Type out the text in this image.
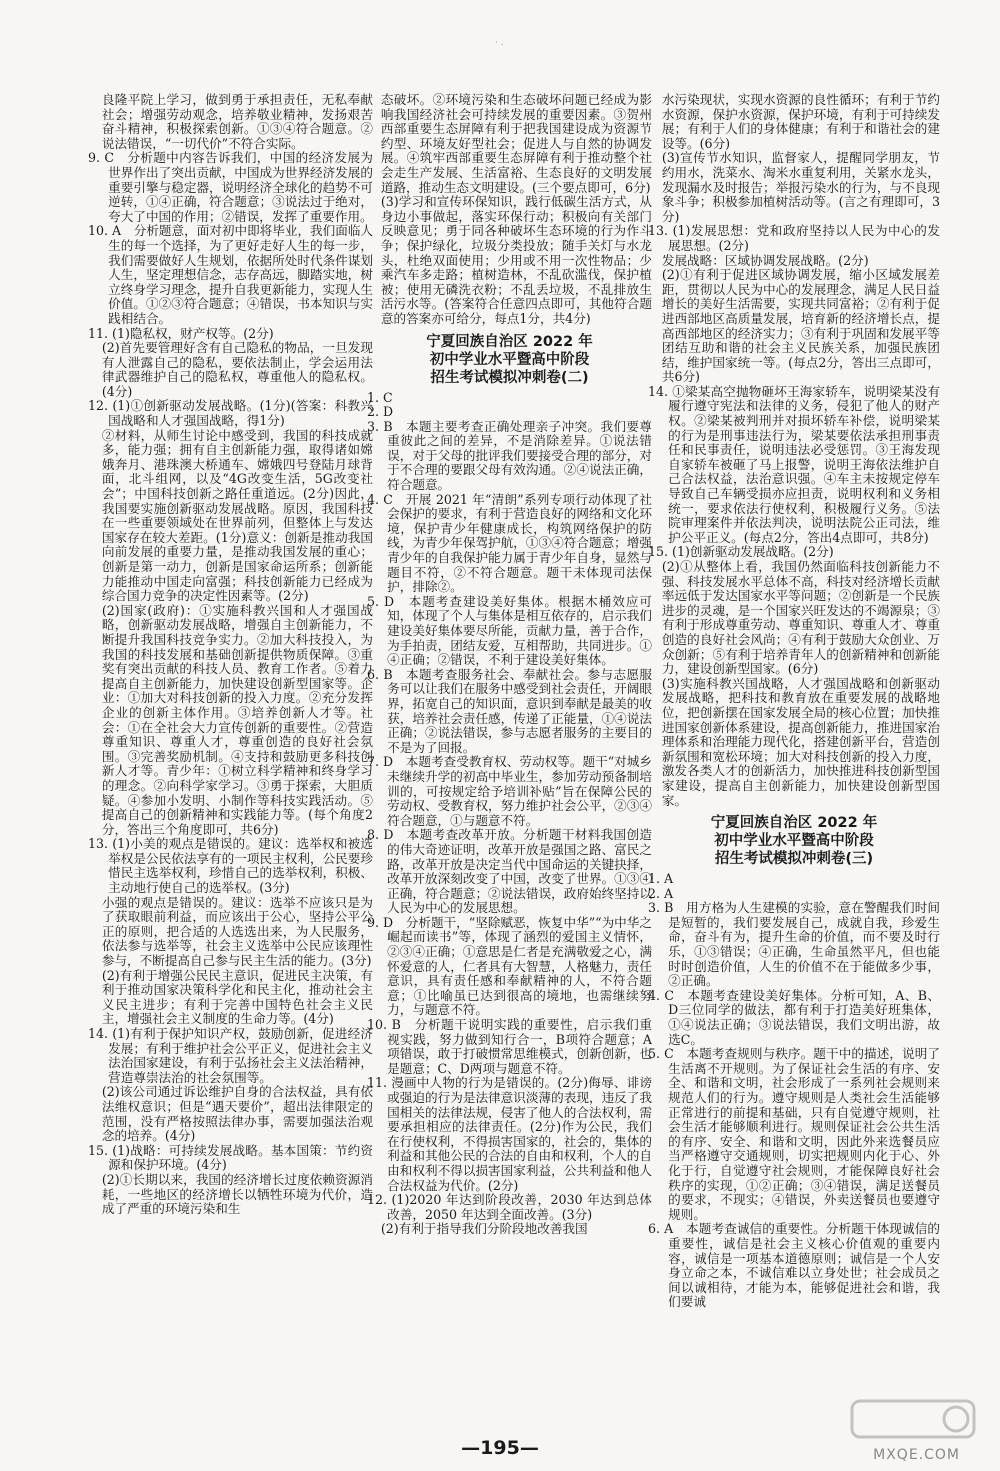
· .

良隆平院上学习，做到勇于承担责任，无私奉献社会；增强劳动观念，培养敬业精神，发扬艰苦奋斗精神，积极探索创新。①③④符合题意。②说法错误，“一切代价”不符合实际。

9. C　分析题中内容告诉我们，中国的经济发展为世界作出了突出贡献，中国成为世界经济发展的重要引擎与稳定器，说明经济全球化的趋势不可逆转，①④正确，符合题意；③说法过于绝对，夸大了中国的作用；②错误，发挥了重要作用。

10. A　分析题意，面对初中即将毕业，我们面临人生的每一个选择，为了更好走好人生的每一步，我们需要做好人生规划，依据所处时代条件谋划人生，坚定理想信念，志存高远，脚踏实地，树立终身学习理念，提升自我更新能力，实现人生价值。①②③符合题意；④错误，书本知识与实践相结合。

11. (1)隐私权，财产权等。(2分)

(2)首先要管理好含有自己隐私的物品，一旦发现有人泄露自己的隐私，要依法制止，学会运用法律武器维护自己的隐私权，尊重他人的隐私权。(4分)

12. (1)①创新驱动发展战略。(1分)(答案：科教兴国战略和人才强国战略，得1分)

②材料，从师生讨论中感受到，我国的科技成就多，能力强；拥有自主创新能力强，取得诸如嫦娥奔月、港珠澳大桥通车、嫦娥四号登陆月球背面，北斗组网，以及“4G改变生活，5G改变社会”；中国科技创新之路任重道远。(2分)因此，我国要实施创新驱动发展战略。原因，我国科技在一些重要领域处在世界前列，但整体上与发达国家存在较大差距。(1分)意义：创新是推动我国向前发展的重要力量，是推动我国发展的重心；创新是第一动力，创新是国家命运所系；创新能力能推动中国走向富强；科技创新能力已经成为综合国力竞争的决定性因素等。(2分)

(2)国家(政府)：①实施科教兴国和人才强国战略，创新驱动发展战略，增强自主创新能力，不断提升我国科技竞争实力。②加大科技投入，为我国的科技发展和基础创新提供物质保障。③重奖有突出贡献的科技人员、教育工作者。⑤着力提高自主创新能力，加快建设创新型国家等。企业：①加大对科技创新的投入力度。②充分发挥企业的创新主体作用。③培养创新人才等。社会：①在全社会大力宣传创新的重要性。②营造尊重知识、尊重人才，尊重创造的良好社会氛围。③完善奖励机制。④支持和鼓励更多科技创新人才等。青少年：①树立科学精神和终身学习的理念。②向科学家学习。③勇于探索，大胆质疑。④参加小发明、小制作等科技实践活动。⑤提高自己的创新精神和实践能力等。(每个角度2分，答出三个角度即可，共6分)

13. (1)小美的观点是错误的。建议：选举权和被选举权是公民依法享有的一项民主权利，公民要珍惜民主选举权利，珍惜自己的选举权利，积极、主动地行使自己的选举权。(3分)

小强的观点是错误的。建议：选举不应该只是为了获取眼前利益，而应该出于公心，坚持公平公正的原则，把合适的人选选出来，为人民服务，依法参与选举等，社会主义选举中公民应该理性参与，不断提高自己参与民主生活的能力。(3分)

(2)有利于增强公民民主意识，促进民主决策，有利于推动国家决策科学化和民主化，推动社会主义民主进步；有利于完善中国特色社会主义民主，增强社会主义制度的生命力等。(4分)

14. (1)有利于保护知识产权，鼓励创新，促进经济发展；有利于维护社会公平正义，促进社会主义法治国家建设，有利于弘扬社会主义法治精神，营造尊崇法治的社会氛围等。

(2)该公司通过诉讼维护自身的合法权益，具有依法维权意识；但是“遇天要价”，超出法律限定的范围，没有严格按照法律办事，需要加强法治观念的培养。(4分)

15. (1)战略：可持续发展战略。基本国策：节约资源和保护环境。(4分)

(2)①长期以来，我国的经济增长过度依赖资源消耗，一些地区的经济增长以牺牲环境为代价，造成了严重的环境污染和生

态破坏。②环境污染和生态破坏问题已经成为影响我国经济社会可持续发展的重要因素。③贺州西部重要生态屏障有利于把我国建设成为资源节约型、环境友好型社会；促进人与自然的协调发展。④筑牢西部重要生态屏障有利于推动整个社会走生产发展、生活富裕、生态良好的文明发展道路，推动生态文明建设。(三个要点即可，6分)

(3)学习和宣传环保知识，践行低碳生活方式，从身边小事做起，落实环保行动；积极向有关部门反映意见；勇于同各种破坏生态环境的行为作斗争；保护绿化，垃圾分类投放；随手关灯与水龙头，杜绝双面使用；少用或不用一次性物品；少乘汽车多走路；植树造林，不乱砍滥伐，保护植被；使用无磷洗衣粉；不乱丢垃圾，不乱排放生活污水等。(答案符合任意四点即可，其他符合题意的答案亦可给分，每点1分，共4分)

宁夏回族自治区 2022 年
初中学业水平暨高中阶段
招生考试模拟冲刺卷(二)

1. C

2. D

3. B　本题主要考查正确处理亲子冲突。我们要尊重彼此之间的差异，不是消除差异。①说法错误，对于父母的批评我们要接受合理的部分，对于不合理的要跟父母有效沟通。②④说法正确，符合题意。

4. C　开展 2021 年“清朗”系列专项行动体现了社会保护的要求，有利于营造良好的网络和文化环境，保护青少年健康成长，构筑网络保护的防线，为青少年保驾护航，①③④符合题意；增强青少年的自我保护能力属于青少年自身，显然与题目不符，②不符合题意。题干未体现司法保护，排除②。

5. D　本题考查建设美好集体。根据木桶效应可知，体现了个人与集体是相互依存的，启示我们建设美好集体要尽所能，贡献力量，善于合作，为手拍责，团结友爱，互相帮助，共同进步。①④正确；②错误，不利于建设美好集体。

6. B　本题考查服务社会、奉献社会。参与志愿服务可以让我们在服务中感受到社会责任，开阔眼界，拓宽自己的知识面，意识到奉献是最美的收获，培养社会责任感，传递了正能量，①④说法正确；②说法错误，参与志愿者服务的主要目的不是为了回报。

7. D　本题考查受教育权、劳动权等。题干“对城乡未继续升学的初高中毕业生，参加劳动预备制培训的，可按规定给予培训补贴”旨在保障公民的劳动权、受教育权，努力维护社会公平，②③④符合题意，①与题意不符。

8. D　本题考查改革开放。分析题干材料我国创造的伟大奇迹证明，改革开放是强国之路、富民之路，改革开放是决定当代中国命运的关键抉择，改革开放深刻改变了中国，改变了世界。①③④正确，符合题意；②说法错误，政府始终坚持以人民为中心的发展思想。

9. D　分析题干，“坚除赋恶，恢复中华”“为中华之崛起而读书”等，体现了涵烈的爱国主义情怀，②③④正确；①意思是仁者是充满敬爱之心，满怀爱意的人，仁者具有大智慧，人格魅力，责任意识，具有责任感和奉献精神的人，不符合题意；①比喻虽已达到很高的境地，也需继续努力，与题意不符。

10. B　分析题干说明实践的重要性，启示我们重视实践，努力做到知行合一，B项符合题意；A项错误，敢于打破惯常思维模式，创新创新，也是题意；C、D两项与题意不符。

11. 漫画中人物的行为是错误的。(2分)侮辱、诽谤或强迫的行为是法律意识淡薄的表现，违反了我国相关的法律法规，侵害了他人的合法权利，需要承担相应的法律责任。(2分)作为公民，我们在行使权利，不得损害国家的，社会的，集体的利益和其他公民的合法的自由和权利，个人的自由和权利不得以损害国家利益，公共利益和他人合法权益为代价。(2分)

12. (1)2020 年达到阶段改善，2030 年达到总体改善，2050 年达到全面改善。(3分)

(2)有利于指导我们分阶段地改善我国

水污染现状，实现水资源的良性循环；有利于节约水资源，保护水资源，保护环境，有利于可持续发展；有利于人们的身体健康；有利于和谐社会的建设等。(6分)

(3)宣传节水知识，监督家人，提醒同学朋友，节约用水，洗菜水、淘米水重复利用，关紧水龙头，发现漏水及时报告；举报污染水的行为，与不良现象斗争；积极参加植树活动等。(言之有理即可，3分)

13. (1)发展思想：党和政府坚持以人民为中心的发展思想。(2分)

发展战略：区域协调发展战略。(2分)

(2)①有利于促进区域协调发展，缩小区域发展差距，贯彻以人民为中心的发展理念，满足人民日益增长的美好生活需要，实现共同富裕；②有利于促进西部地区高质量发展，培育新的经济增长点，提高西部地区的经济实力；③有利于巩固和发展平等团结互助和谐的社会主义民族关系，加强民族团结，维护国家统一等。(每点2分，答出三点即可，共6分)

14. ①梁某高空抛物砸坏王海家轿车，说明梁某没有履行遵守宪法和法律的义务，侵犯了他人的财产权。②梁某被判刑并对损坏轿车补偿，说明梁某的行为是刑事违法行为，梁某要依法承担刑事责任和民事责任，说明违法必受惩罚。③王海发现自家轿车被砸了马上报警，说明王海依法维护自己合法权益，法治意识强。④车主未按规定停车导致自己车辆受损亦应担责，说明权利和义务相统一，要求依法行使权利，积极履行义务。⑤法院审理案件并依法判决，说明法院公正司法，维护公平正义。(每点2分，答出4点即可，共8分)

15. (1)创新驱动发展战略。(2分)

(2)①从整体上看，我国仍然面临科技创新能力不强、科技发展水平总体不高，科技对经济增长贡献率远低于发达国家水平等问题；②创新是一个民族进步的灵魂，是一个国家兴旺发达的不竭源泉；③有利于形成尊重劳动、尊重知识、尊重人才、尊重创造的良好社会风尚；④有利于鼓励大众创业、万众创新；⑤有利于培养青年人的创新精神和创新能力，建设创新型国家。(6分)

(3)实施科教兴国战略，人才强国战略和创新驱动发展战略，把科技和教育放在重要发展的战略地位，把创新摆在国家发展全局的核心位置；加快推进国家创新体系建设，提高创新能力，推进国家治理体系和治理能力现代化，搭建创新平台，营造创新氛围和宽松环境；加大对科技创新的投入力度，激发各类人才的创新活力，加快推进科技创新型国家建设，提高自主创新能力，加快建设创新型国家。

宁夏回族自治区 2022 年
初中学业水平暨高中阶段
招生考试模拟冲刺卷(三)

1. A

2. A

3. B　用方格为人生建模的实验，意在警醒我们时间是短暂的，我们要发展自己，成就自我，珍爱生命，奋斗有为，提升生命的价值，而不要及时行乐，①③错误；④正确，生命虽然平凡，但也能时时创造价值，人生的价值不在于能做多少事，②正确。

4. C　本题考查建设美好集体。分析可知，A、B、D三位同学的做法，都有利于打造美好班集体，①④说法正确；③说法错误，我们文明出游，故选C。

5. C　本题考查规则与秩序。题干中的描述，说明了生活离不开规则。为了保证社会生活的有序、安全、和谐和文明，社会形成了一系列社会规则来规范人们的行为。遵守规则是人类社会生活能够正常进行的前提和基础，只有自觉遵守规则，社会生活才能够顺利进行。规则保证社会公共生活的有序、安全、和谐和文明，因此外来选餐员应当严格遵守交通规则，切实把规则内化于心、外化于行，自觉遵守社会规则，才能保障良好社会秩序的实现，①②正确；③④错误，满足送餐员的要求，不现实；④错误，外卖送餐员也要遵守规则。

6. A　本题考查诚信的重要性。分析题干体现诚信的重要性，诚信是社会主义核心价值观的重要内容，诚信是一项基本道德原则；诚信是一个人安身立命之本，不诚信难以立身处世；社会成员之间以诚相待，才能为本，能够促进社会和谐，我们要诚

—195—	MXQE.COM
